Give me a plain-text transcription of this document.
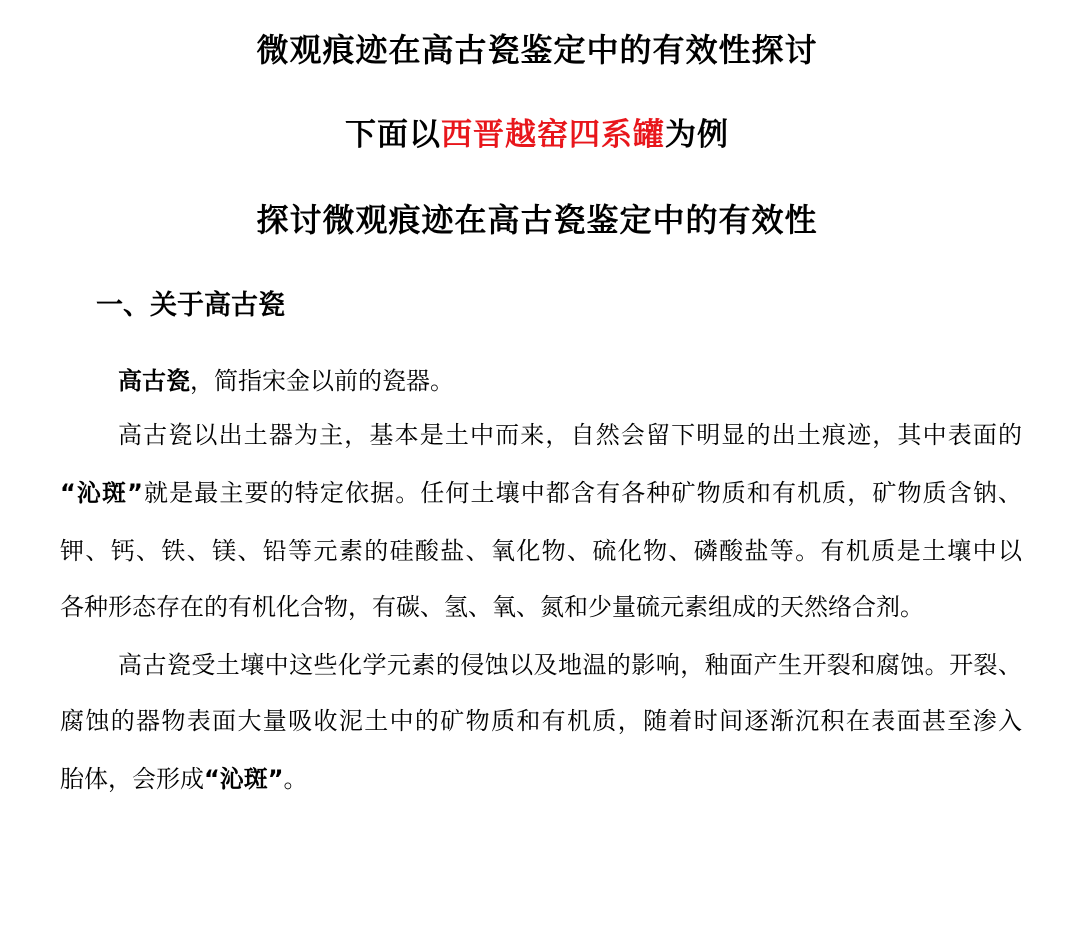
微观痕迹在高古瓷鉴定中的有效性探讨
下面以西晋越窑四系罐为例
探讨微观痕迹在高古瓷鉴定中的有效性
一、关于高古瓷
高古瓷，简指宋金以前的瓷器。
高古瓷以出土器为主，基本是土中而来，自然会留下明显的出土痕迹，其中表面的
“沁斑”就是最主要的特定依据。任何土壤中都含有各种矿物质和有机质，矿物质含钠、
钾、钙、铁、镁、铅等元素的硅酸盐、氧化物、硫化物、磷酸盐等。有机质是土壤中以
各种形态存在的有机化合物，有碳、氢、氧、氮和少量硫元素组成的天然络合剂。
高古瓷受土壤中这些化学元素的侵蚀以及地温的影响，釉面产生开裂和腐蚀。开裂、
腐蚀的器物表面大量吸收泥土中的矿物质和有机质，随着时间逐渐沉积在表面甚至渗入
胎体，会形成“沁斑”。
